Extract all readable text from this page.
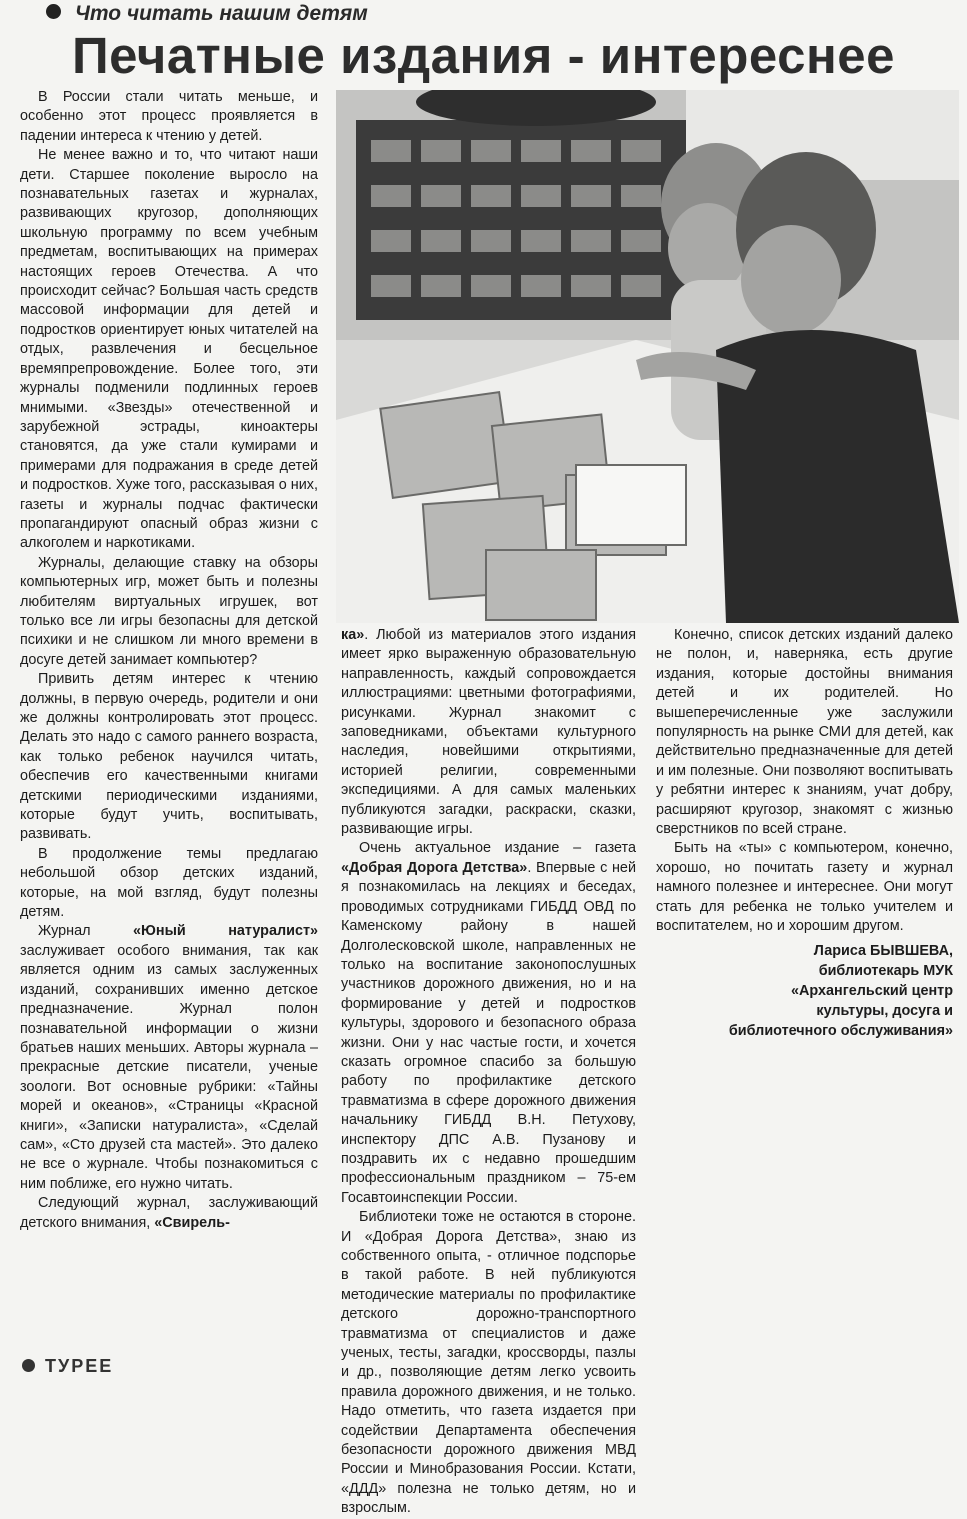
Что читать нашим детям
Печатные издания - интереснее

В России стали читать меньше, и особенно этот процесс проявляется в падении интереса к чтению у детей.

Не менее важно и то, что читают наши дети. Старшее поколение выросло на познавательных газетах и журналах, развивающих кругозор, дополняющих школьную программу по всем учебным предметам, воспитывающих на примерах настоящих героев Отечества. А что происходит сейчас? Большая часть средств массовой информации для детей и подростков ориентирует юных читателей на отдых, развлечения и бесцельное времяпрепровождение. Более того, эти журналы подменили подлинных героев мнимыми. «Звезды» отечественной и зарубежной эстрады, киноактеры становятся, да уже стали кумирами и примерами для подражания в среде детей и подростков. Хуже того, рассказывая о них, газеты и журналы подчас фактически пропагандируют опасный образ жизни с алкоголем и наркотиками.

Журналы, делающие ставку на обзоры компьютерных игр, может быть и полезны любителям виртуальных игрушек, вот только все ли игры безопасны для детской психики и не слишком ли много времени в досуге детей занимает компьютер?

Привить детям интерес к чтению должны, в первую очередь, родители и они же должны контролировать этот процесс. Делать это надо с самого раннего возраста, как только ребенок научился читать, обеспечив его качественными книгами детскими периодическими изданиями, которые будут учить, воспитывать, развивать.

В продолжение темы предлагаю небольшой обзор детских изданий, которые, на мой взгляд, будут полезны детям.

Журнал «Юный натуралист» заслуживает особого внимания, так как является одним из самых заслуженных изданий, сохранивших именно детское предназначение. Журнал полон познавательной информации о жизни братьев наших меньших. Авторы журнала – прекрасные детские писатели, ученые зоологи. Вот основные рубрики: «Тайны морей и океанов», «Страницы «Красной книги», «Записки натуралиста», «Сделай сам», «Сто друзей ста мастей». Это далеко не все о журнале. Чтобы познакомиться с ним поближе, его нужно читать.

Следующий журнал, заслуживающий детского внимания, «Свирель-

ка». Любой из материалов этого издания имеет ярко выраженную образовательную направленность, каждый сопровождается иллюстрациями: цветными фотографиями, рисунками. Журнал знакомит с заповедниками, объектами культурного наследия, новейшими открытиями, историей религии, современными экспедициями. А для самых маленьких публикуются загадки, раскраски, сказки, развивающие игры.

Очень актуальное издание – газета «Добрая Дорога Детства». Впервые с ней я познакомилась на лекциях и беседах, проводимых сотрудниками ГИБДД ОВД по Каменскому району в нашей Долголесковской школе, направленных не только на воспитание законопослушных участников дорожного движения, но и на формирование у детей и подростков культуры, здорового и безопасного образа жизни. Они у нас частые гости, и хочется сказать огромное спасибо за большую работу по профилактике детского травматизма в сфере дорожного движения начальнику ГИБДД В.Н. Петухову, инспектору ДПС А.В. Пузанову и поздравить их с недавно прошедшим профессиональным праздником – 75-ем Госавтоинспекции России.

Библиотеки тоже не остаются в стороне. И «Добрая Дорога Детства», знаю из собственного опыта, - отличное подспорье в такой работе. В ней публикуются методические материалы по профилактике детского дорожно-транспортного травматизма от специалистов и даже ученых, тесты, загадки, кроссворды, пазлы и др., позволяющие детям легко усвоить правила дорожного движения, и не только. Надо отметить, что газета издается при содействии Департамента обеспечения безопасности дорожного движения МВД России и Минобразования России. Кстати, «ДДД» полезна не только детям, но и взрослым.

Конечно, список детских изданий далеко не полон, и, наверняка, есть другие издания, которые достойны внимания детей и их родителей. Но вышеперечисленные уже заслужили популярность на рынке СМИ для детей, как действительно предназначенные для детей и им полезные. Они позволяют воспитывать у ребятни интерес к знаниям, учат добру, расширяют кругозор, знакомят с жизнью сверстников по всей стране.

Быть на «ты» с компьютером, конечно, хорошо, но почитать газету и журнал намного полезнее и интереснее. Они могут стать для ребенка не только учителем и воспитателем, но и хорошим другом.

Лариса БЫВШЕВА,
библиотекарь МУК
«Архангельский центр
культуры, досуга и
библиотечного обслуживания»
ТУРЕЕ
